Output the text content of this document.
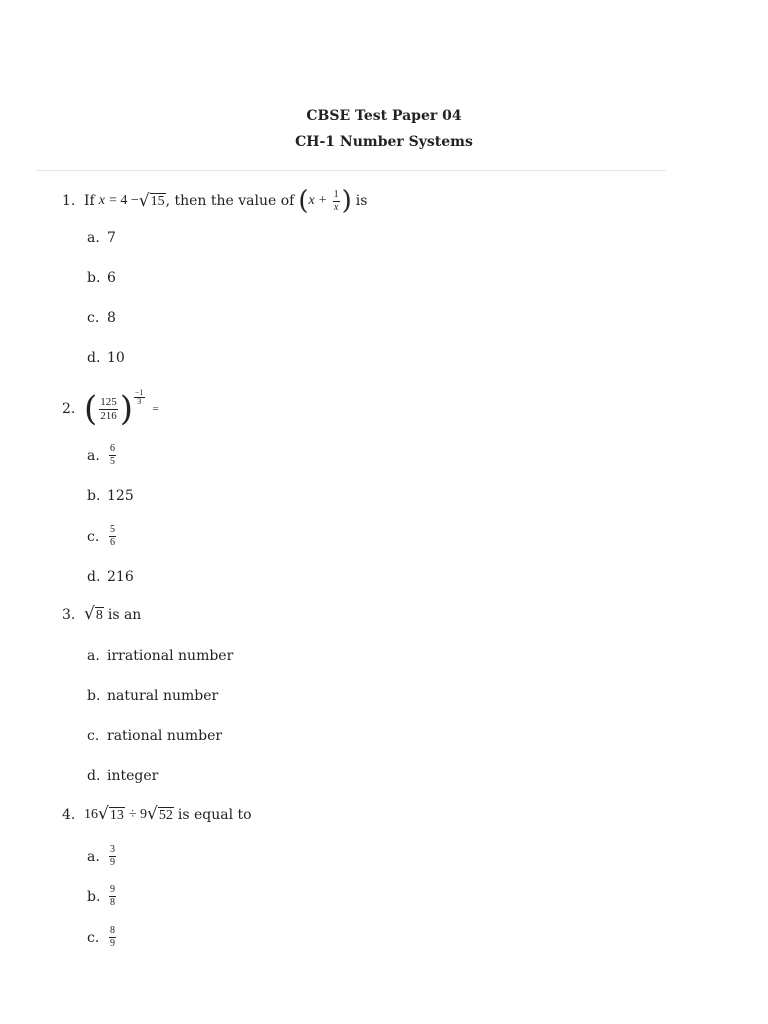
CBSE Test Paper 04
CH-1 Number Systems
1. If x = 4 − √ 15 , then the value of ( $x + \frac{1}{x}$ ) is
a. 7
b. 6
c. 8
d. 10
2. ( $\frac{125}{216}$ ) −1
3
=
a. $\frac{6}{5}$
b. 125
c. $\frac{5}{6}$
d. 216
3. √ 8 is an
a. irrational number
b. natural number
c. rational number
d. integer
4. 16 √ 13 ÷ 9 √ 52 is equal to
a. $\frac{3}{9}$
b. $\frac{9}{8}$
c. $\frac{8}{9}$
